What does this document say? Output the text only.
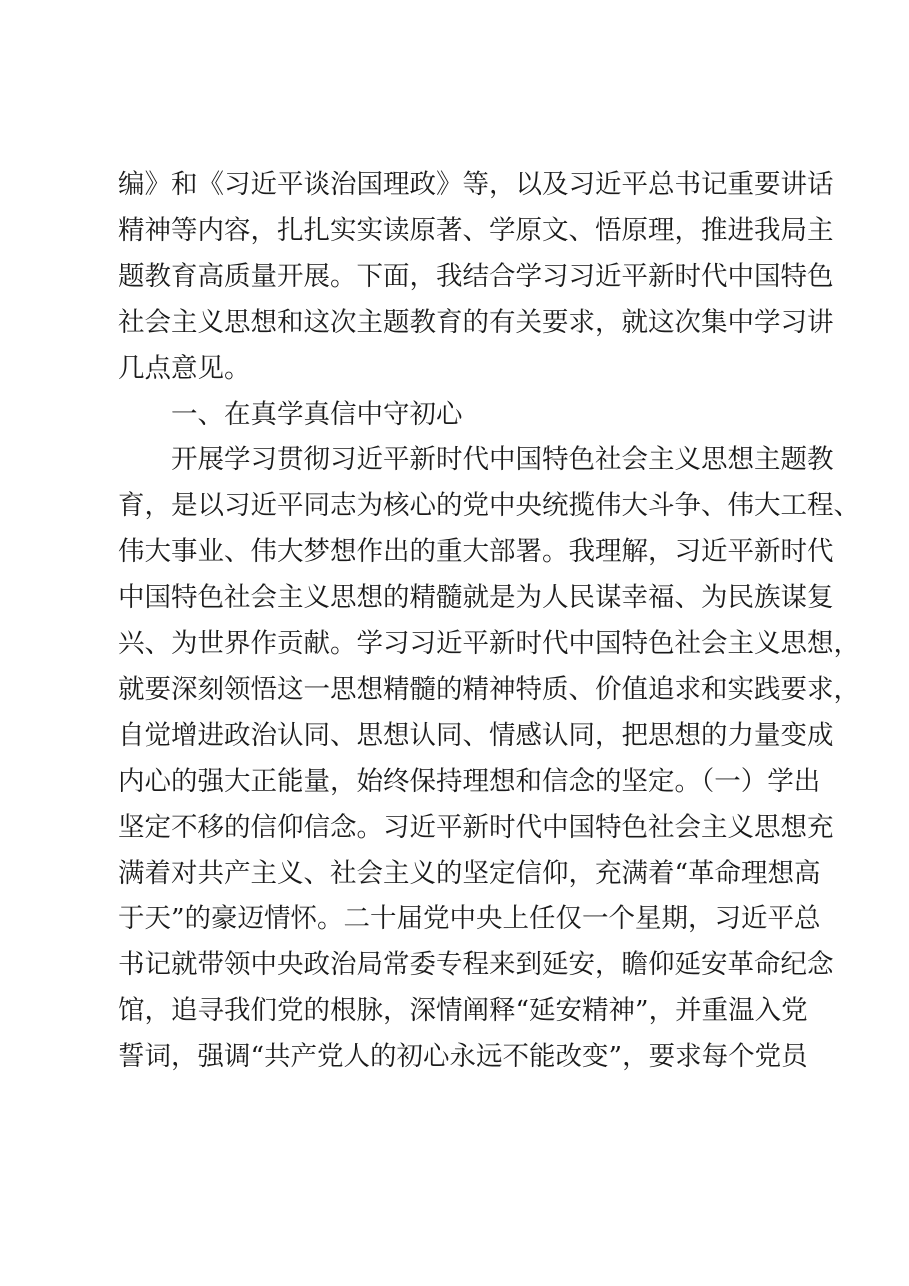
编》和《习近平谈治国理政》等，以及习近平总书记重要讲话
精神等内容，扎扎实实读原著、学原文、悟原理，推进我局主
题教育高质量开展。下面，我结合学习习近平新时代中国特色
社会主义思想和这次主题教育的有关要求，就这次集中学习讲
几点意见。
一、在真学真信中守初心
开展学习贯彻习近平新时代中国特色社会主义思想主题教
育，是以习近平同志为核心的党中央统揽伟大斗争、伟大工程、
伟大事业、伟大梦想作出的重大部署。我理解，习近平新时代
中国特色社会主义思想的精髓就是为人民谋幸福、为民族谋复
兴、为世界作贡献。学习习近平新时代中国特色社会主义思想，
就要深刻领悟这一思想精髓的精神特质、价值追求和实践要求，
自觉增进政治认同、思想认同、情感认同，把思想的力量变成
内心的强大正能量，始终保持理想和信念的坚定。（一）学出
坚定不移的信仰信念。习近平新时代中国特色社会主义思想充
满着对共产主义、社会主义的坚定信仰，充满着“革命理想高
于天”的豪迈情怀。二十届党中央上任仅一个星期，习近平总
书记就带领中央政治局常委专程来到延安，瞻仰延安革命纪念
馆，追寻我们党的根脉，深情阐释“延安精神”，并重温入党
誓词，强调“共产党人的初心永远不能改变”，要求每个党员
